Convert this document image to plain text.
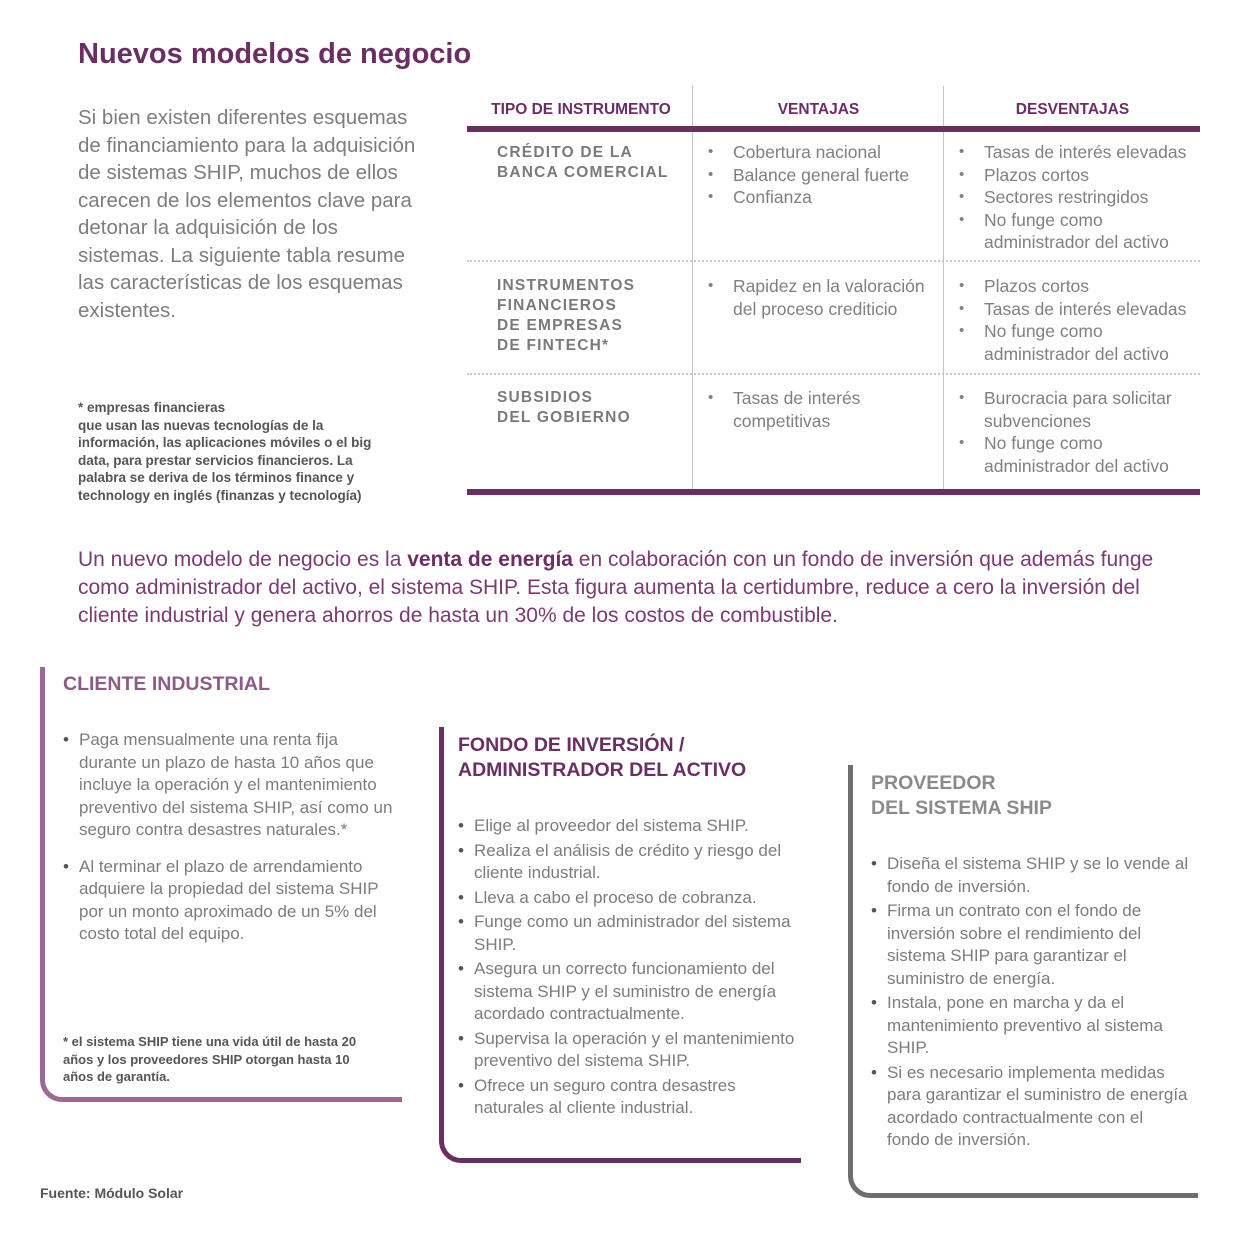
Nuevos modelos de negocio

Si bien existen diferentes esquemas de financiamiento para la adquisición de sistemas SHIP, muchos de ellos carecen de los elementos clave para detonar la adquisición de los sistemas. La siguiente tabla resume las características de los esquemas existentes.

* empresas financieras
que usan las nuevas tecnologías de la información, las aplicaciones móviles o el big data, para prestar servicios financieros. La palabra se deriva de los términos finance y technology en inglés (finanzas y tecnología)
TIPO DE INSTRUMENTO	VENTAJAS	DESVENTAJAS
CRÉDITO DE LA
BANCA COMERCIAL
• Cobertura nacional
• Balance general fuerte
• Confianza
• Tasas de interés elevadas
• Plazos cortos
• Sectores restringidos
• No funge como administrador del activo
INSTRUMENTOS
FINANCIEROS
DE EMPRESAS
DE FINTECH*
• Rapidez en la valoración del proceso crediticio
• Plazos cortos
• Tasas de interés elevadas
• No funge como administrador del activo
SUBSIDIOS
DEL GOBIERNO
• Tasas de interés competitivas
• Burocracia para solicitar subvenciones
• No funge como administrador del activo

Un nuevo modelo de negocio es la venta de energía en colaboración con un fondo de inversión que además funge como administrador del activo, el sistema SHIP. Esta figura aumenta la certidumbre, reduce a cero la inversión del cliente industrial y genera ahorros de hasta un 30% de los costos de combustible.

CLIENTE INDUSTRIAL
• Paga mensualmente una renta fija durante un plazo de hasta 10 años que incluye la operación y el mantenimiento preventivo del sistema SHIP, así como un seguro contra desastres naturales.*
• Al terminar el plazo de arrendamiento adquiere la propiedad del sistema SHIP por un monto aproximado de un 5% del costo total del equipo.

* el sistema SHIP tiene una vida útil de hasta 20 años y los proveedores SHIP otorgan hasta 10 años de garantía.

FONDO DE INVERSIÓN /
ADMINISTRADOR DEL ACTIVO
• Elige al proveedor del sistema SHIP.
• Realiza el análisis de crédito y riesgo del cliente industrial.
• Lleva a cabo el proceso de cobranza.
• Funge como un administrador del sistema SHIP.
• Asegura un correcto funcionamiento del sistema SHIP y el suministro de energía acordado contractualmente.
• Supervisa la operación y el mantenimiento preventivo del sistema SHIP.
• Ofrece un seguro contra desastres naturales al cliente industrial.
PROVEEDOR
DEL SISTEMA SHIP
• Diseña el sistema SHIP y se lo vende al fondo de inversión.
• Firma un contrato con el fondo de inversión sobre el rendimiento del sistema SHIP para garantizar el suministro de energía.
• Instala, pone en marcha y da el mantenimiento preventivo al sistema SHIP.
• Si es necesario implementa medidas para garantizar el suministro de energía acordado contractualmente con el fondo de inversión.

Fuente: Módulo Solar
